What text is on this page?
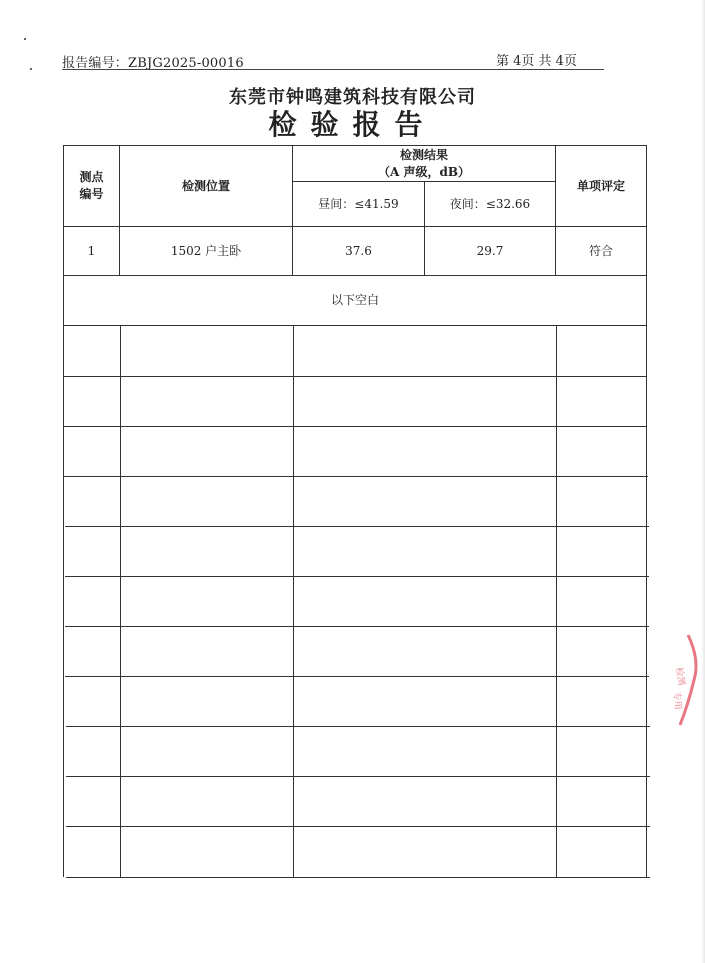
报告编号：ZBJG2025-00016	第 4页 共 4页
东莞市钟鸣建筑科技有限公司
检验报告
测点
编号
检测位置
检测结果
（A 声级，dB）
昼间：≤41.59	夜间：≤32.66
单项评定
1	1502 户主卧	37.6	29.7	符合
以下空白
检测
专用
